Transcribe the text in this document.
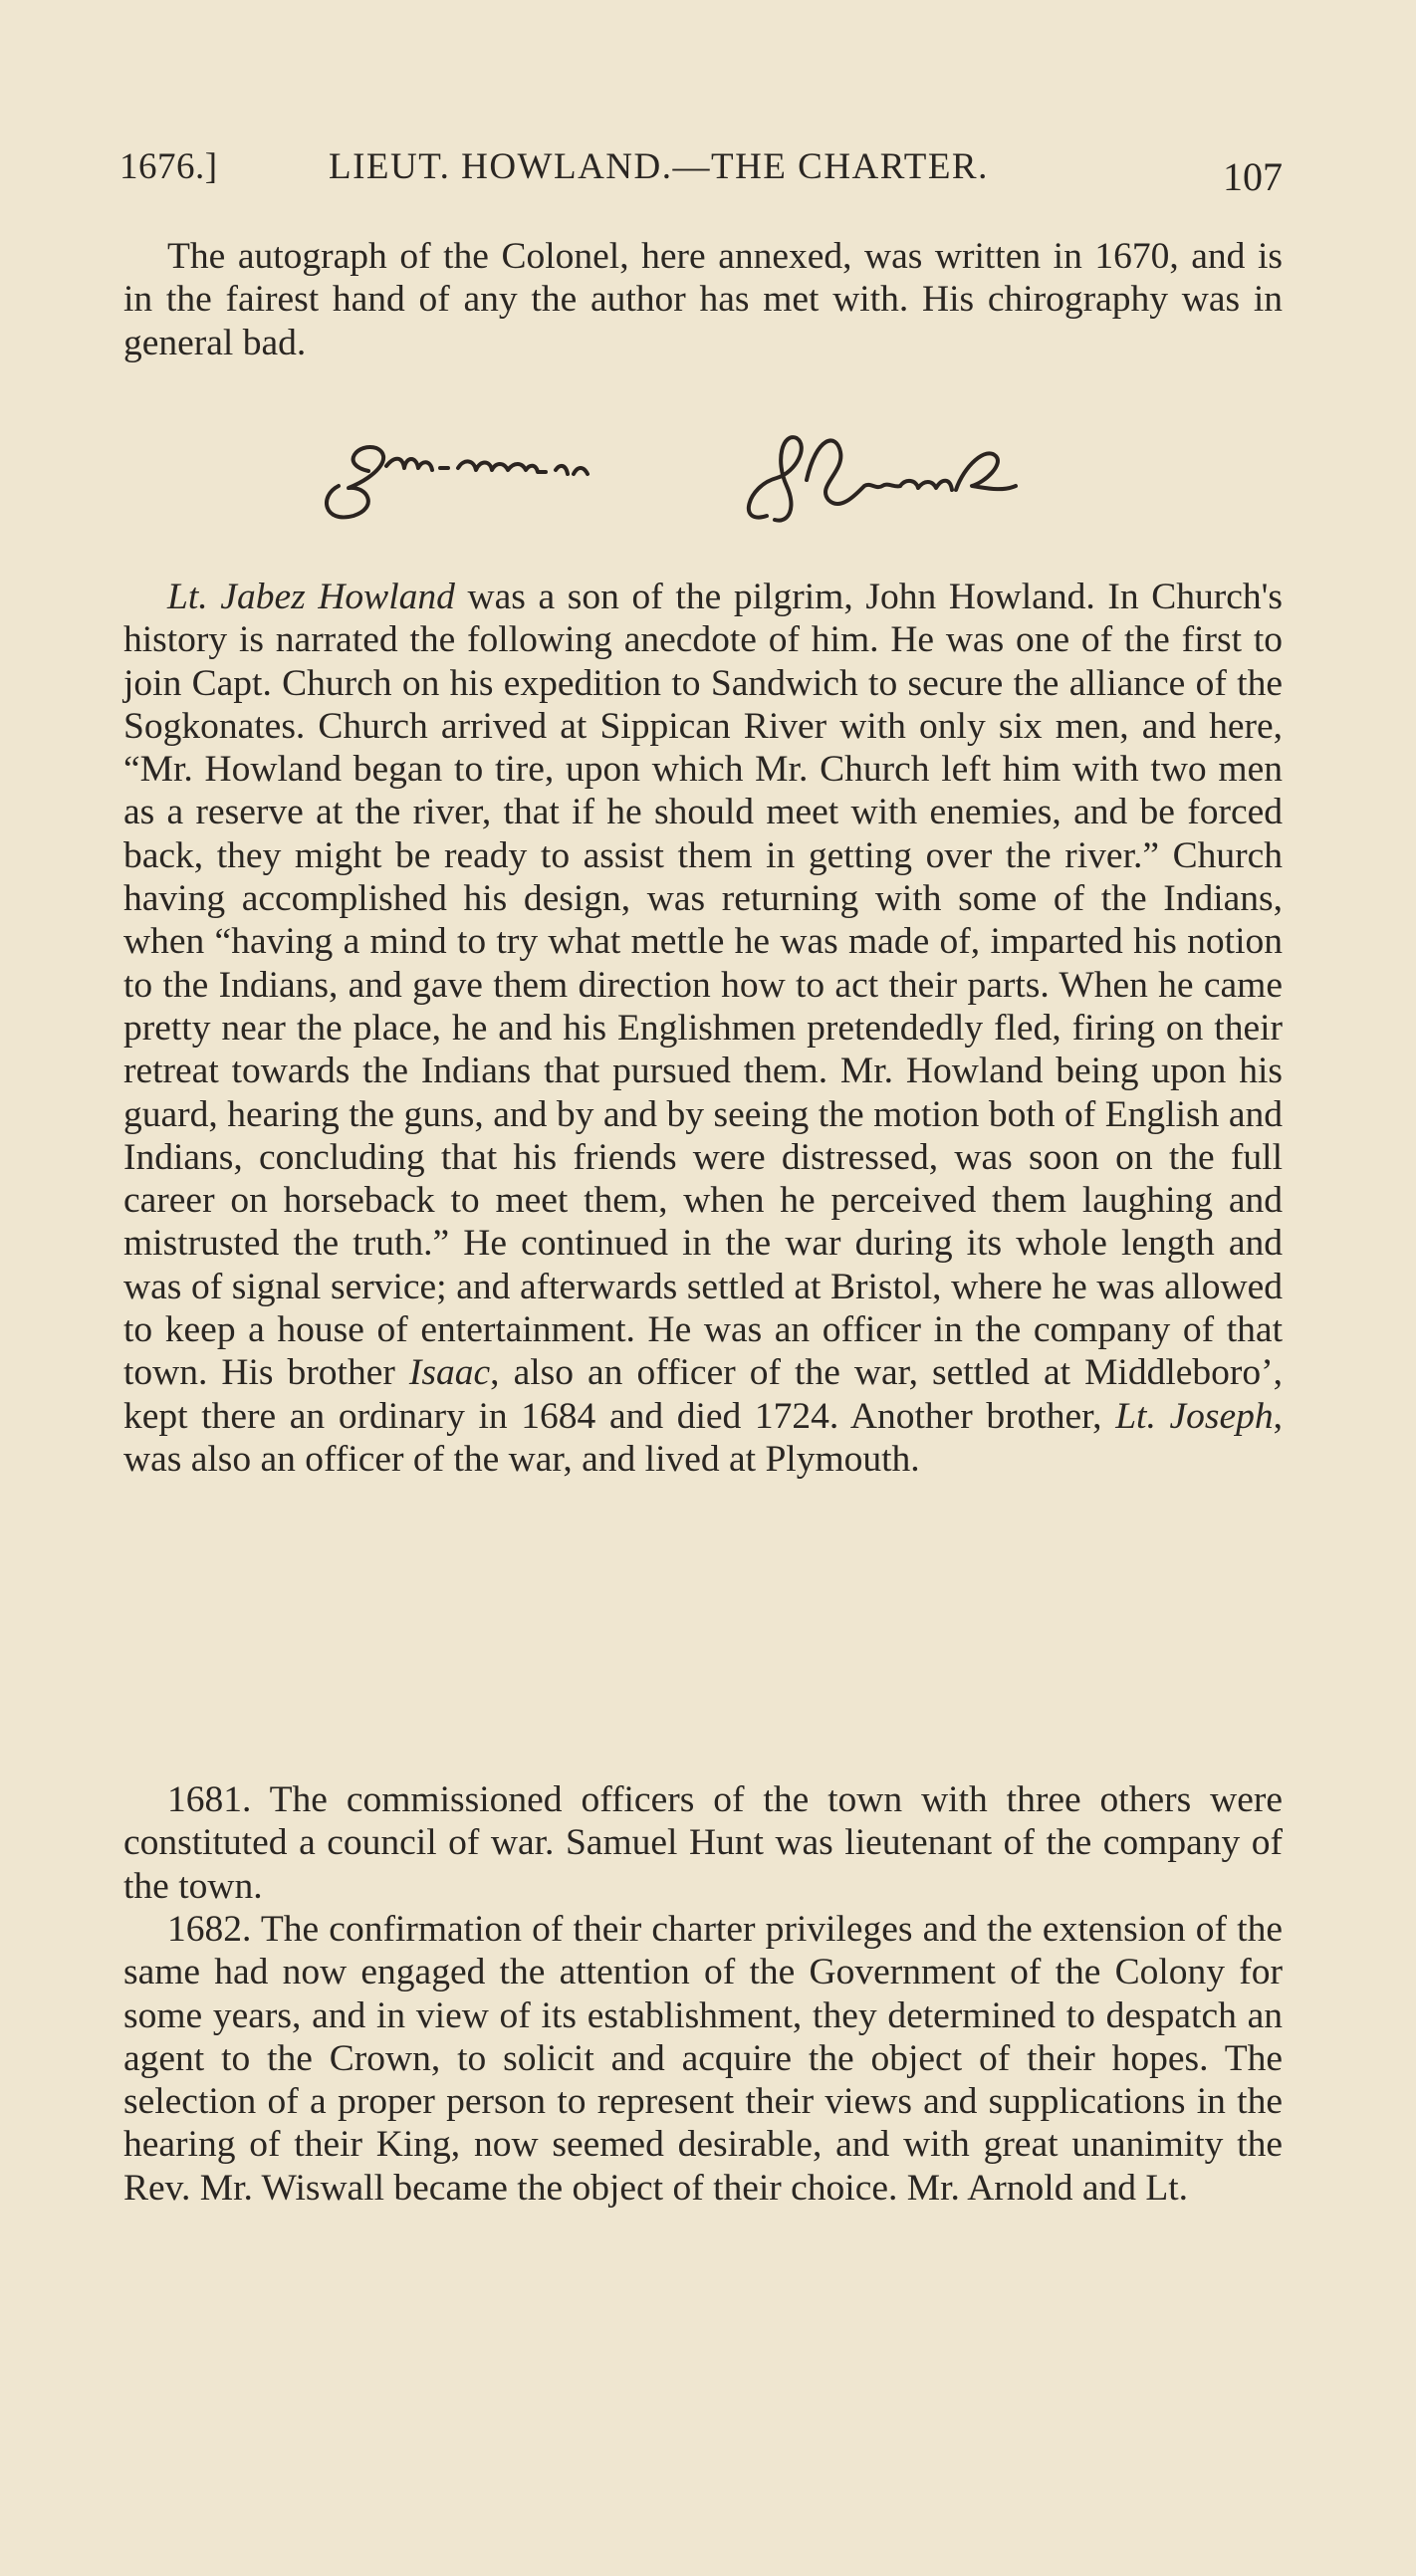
1676.]	LIEUT. HOWLAND.—THE CHARTER.	107

The autograph of the Colonel, here annexed, was written in 1670, and is in the fairest hand of any the author has met with. His chirography was in general bad.

Lt. Jabez Howland was a son of the pilgrim, John Howland. In Church's history is narrated the following anecdote of him. He was one of the first to join Capt. Church on his expedition to Sandwich to secure the alliance of the Sogkonates. Church arrived at Sippican River with only six men, and here, “Mr. Howland began to tire, upon which Mr. Church left him with two men as a reserve at the river, that if he should meet with enemies, and be forced back, they might be ready to assist them in getting over the river.” Church having accomplished his design, was returning with some of the Indians, when “having a mind to try what mettle he was made of, imparted his notion to the Indians, and gave them direction how to act their parts. When he came pretty near the place, he and his Englishmen pretendedly fled, firing on their retreat towards the Indians that pursued them. Mr. Howland being upon his guard, hearing the guns, and by and by seeing the motion both of English and Indians, concluding that his friends were distressed, was soon on the full career on horseback to meet them, when he perceived them laughing and mistrusted the truth.” He continued in the war during its whole length and was of signal service; and afterwards settled at Bristol, where he was allowed to keep a house of entertainment. He was an officer in the company of that town. His brother Isaac, also an officer of the war, settled at Middleboro’, kept there an ordinary in 1684 and died 1724. Another brother, Lt. Joseph, was also an officer of the war, and lived at Plymouth.

1681. The commissioned officers of the town with three others were constituted a council of war. Samuel Hunt was lieutenant of the company of the town.

1682. The confirmation of their charter privileges and the extension of the same had now engaged the attention of the Government of the Colony for some years, and in view of its establishment, they determined to despatch an agent to the Crown, to solicit and acquire the object of their hopes. The selection of a proper person to represent their views and supplications in the hearing of their King, now seemed desirable, and with great unanimity the Rev. Mr. Wiswall became the object of their choice. Mr. Arnold and Lt.
